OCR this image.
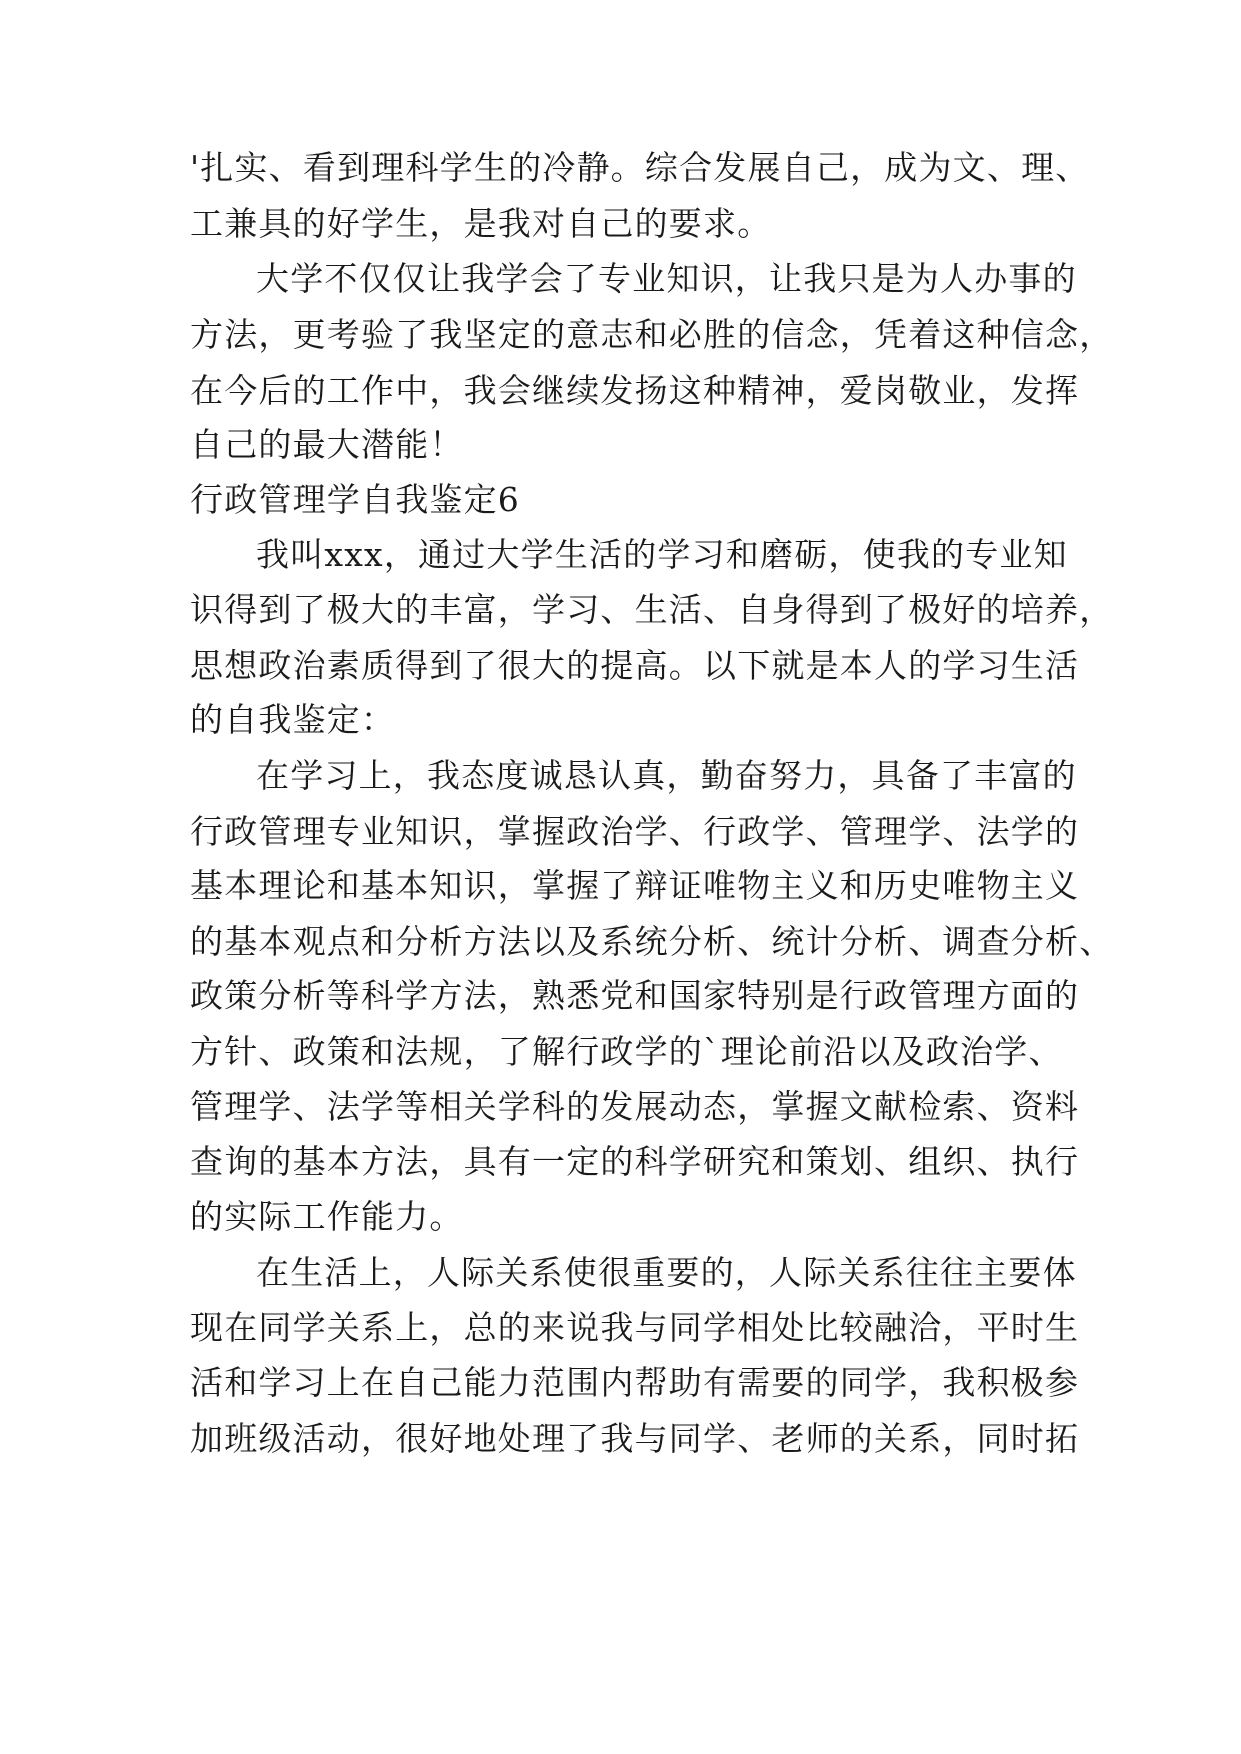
'扎实、看到理科学生的冷静。综合发展自己，成为文、理、
工兼具的好学生，是我对自己的要求。
大学不仅仅让我学会了专业知识，让我只是为人办事的
方法，更考验了我坚定的意志和必胜的信念，凭着这种信念，
在今后的工作中，我会继续发扬这种精神，爱岗敬业，发挥
自己的最大潜能！
行政管理学自我鉴定6
我叫xxx，通过大学生活的学习和磨砺，使我的专业知
识得到了极大的丰富，学习、生活、自身得到了极好的培养，
思想政治素质得到了很大的提高。以下就是本人的学习生活
的自我鉴定：
在学习上，我态度诚恳认真，勤奋努力，具备了丰富的
行政管理专业知识，掌握政治学、行政学、管理学、法学的
基本理论和基本知识，掌握了辩证唯物主义和历史唯物主义
的基本观点和分析方法以及系统分析、统计分析、调查分析、
政策分析等科学方法，熟悉党和国家特别是行政管理方面的
方针、政策和法规，了解行政学的`理论前沿以及政治学、
管理学、法学等相关学科的发展动态，掌握文献检索、资料
查询的基本方法，具有一定的科学研究和策划、组织、执行
的实际工作能力。
在生活上，人际关系使很重要的，人际关系往往主要体
现在同学关系上，总的来说我与同学相处比较融洽，平时生
活和学习上在自己能力范围内帮助有需要的同学，我积极参
加班级活动，很好地处理了我与同学、老师的关系，同时拓
